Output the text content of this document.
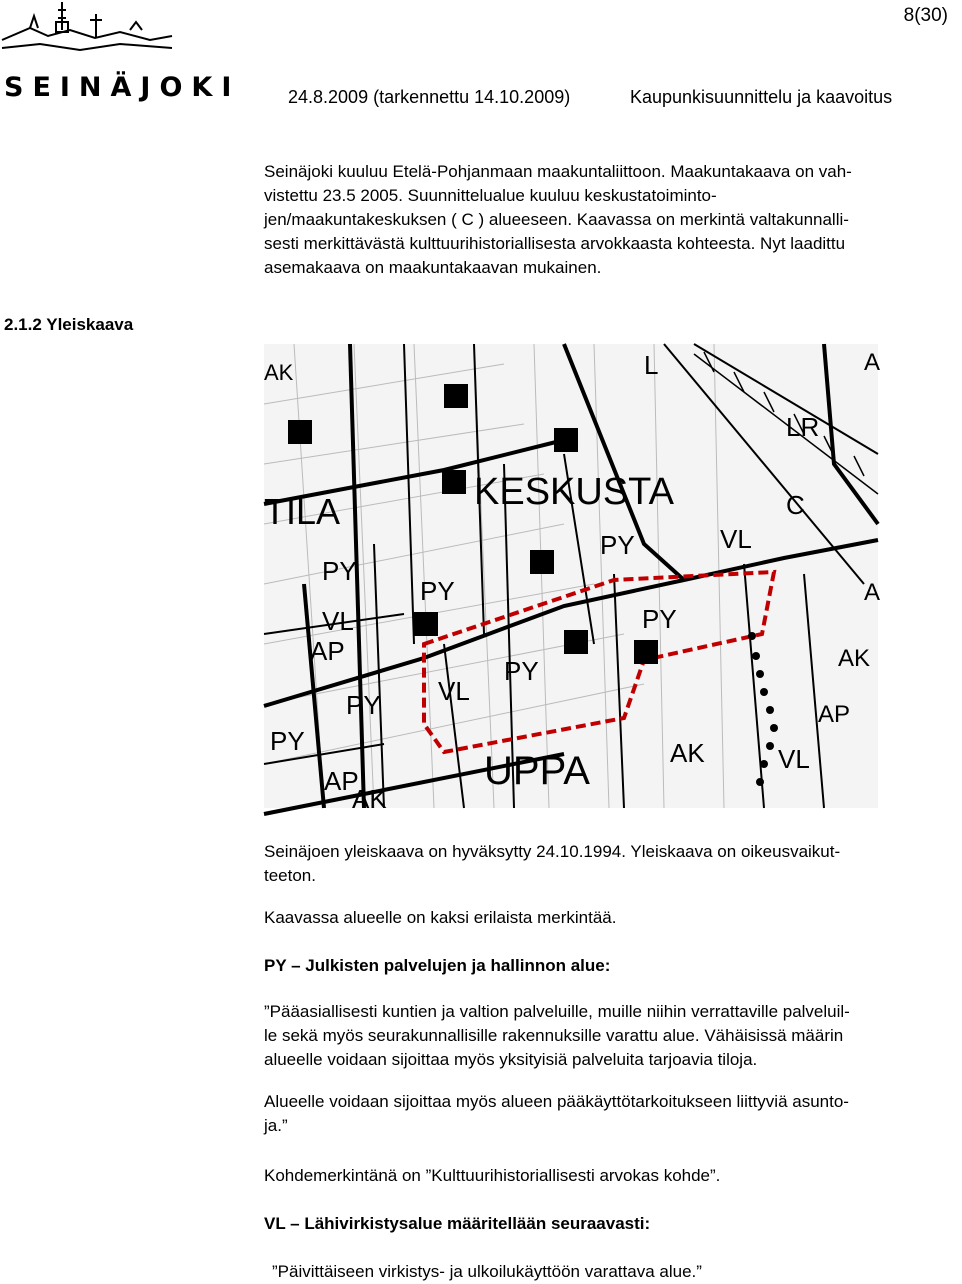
SEINÄJOKI
8(30)
24.8.2009 (tarkennettu 14.10.2009)	Kaupunkisuunnittelu ja kaavoitus
Seinäjoki kuuluu Etelä-Pohjanmaan maakuntaliittoon. Maakuntakaava on vah-
vistettu 23.5 2005. Suunnittelualue kuuluu keskustatoiminto-
jen/maakuntakeskuksen ( C ) alueeseen. Kaavassa on merkintä valtakunnalli-
sesti merkittävästä kulttuurihistoriallisesta arvokkaasta kohteesta. Nyt laadittu
asemakaava on maakuntakaavan mukainen.
2.1.2 Yleiskaava
KESKUSTA
UPPA
TILA
AK	L
LR
C
A
A
PY	VL
PY
PY
PY
VL
AP
PY
VL
PY
PY
AP
AK
AK
AP
AK	VL
Seinäjoen yleiskaava on hyväksytty 24.10.1994. Yleiskaava on oikeusvaikut-
teeton.
Kaavassa alueelle on kaksi erilaista merkintää.
PY – Julkisten palvelujen ja hallinnon alue:
”Pääasiallisesti kuntien ja valtion palveluille, muille niihin verrattaville palveluil-
le sekä myös seurakunnallisille rakennuksille varattu alue. Vähäisissä määrin
alueelle voidaan sijoittaa myös yksityisiä palveluita tarjoavia tiloja.
Alueelle voidaan sijoittaa myös alueen pääkäyttötarkoitukseen liittyviä asunto-
ja.”
Kohdemerkintänä on ”Kulttuurihistoriallisesti arvokas kohde”.
VL – Lähivirkistysalue määritellään seuraavasti:
”Päivittäiseen virkistys- ja ulkoilukäyttöön varattava alue.”
